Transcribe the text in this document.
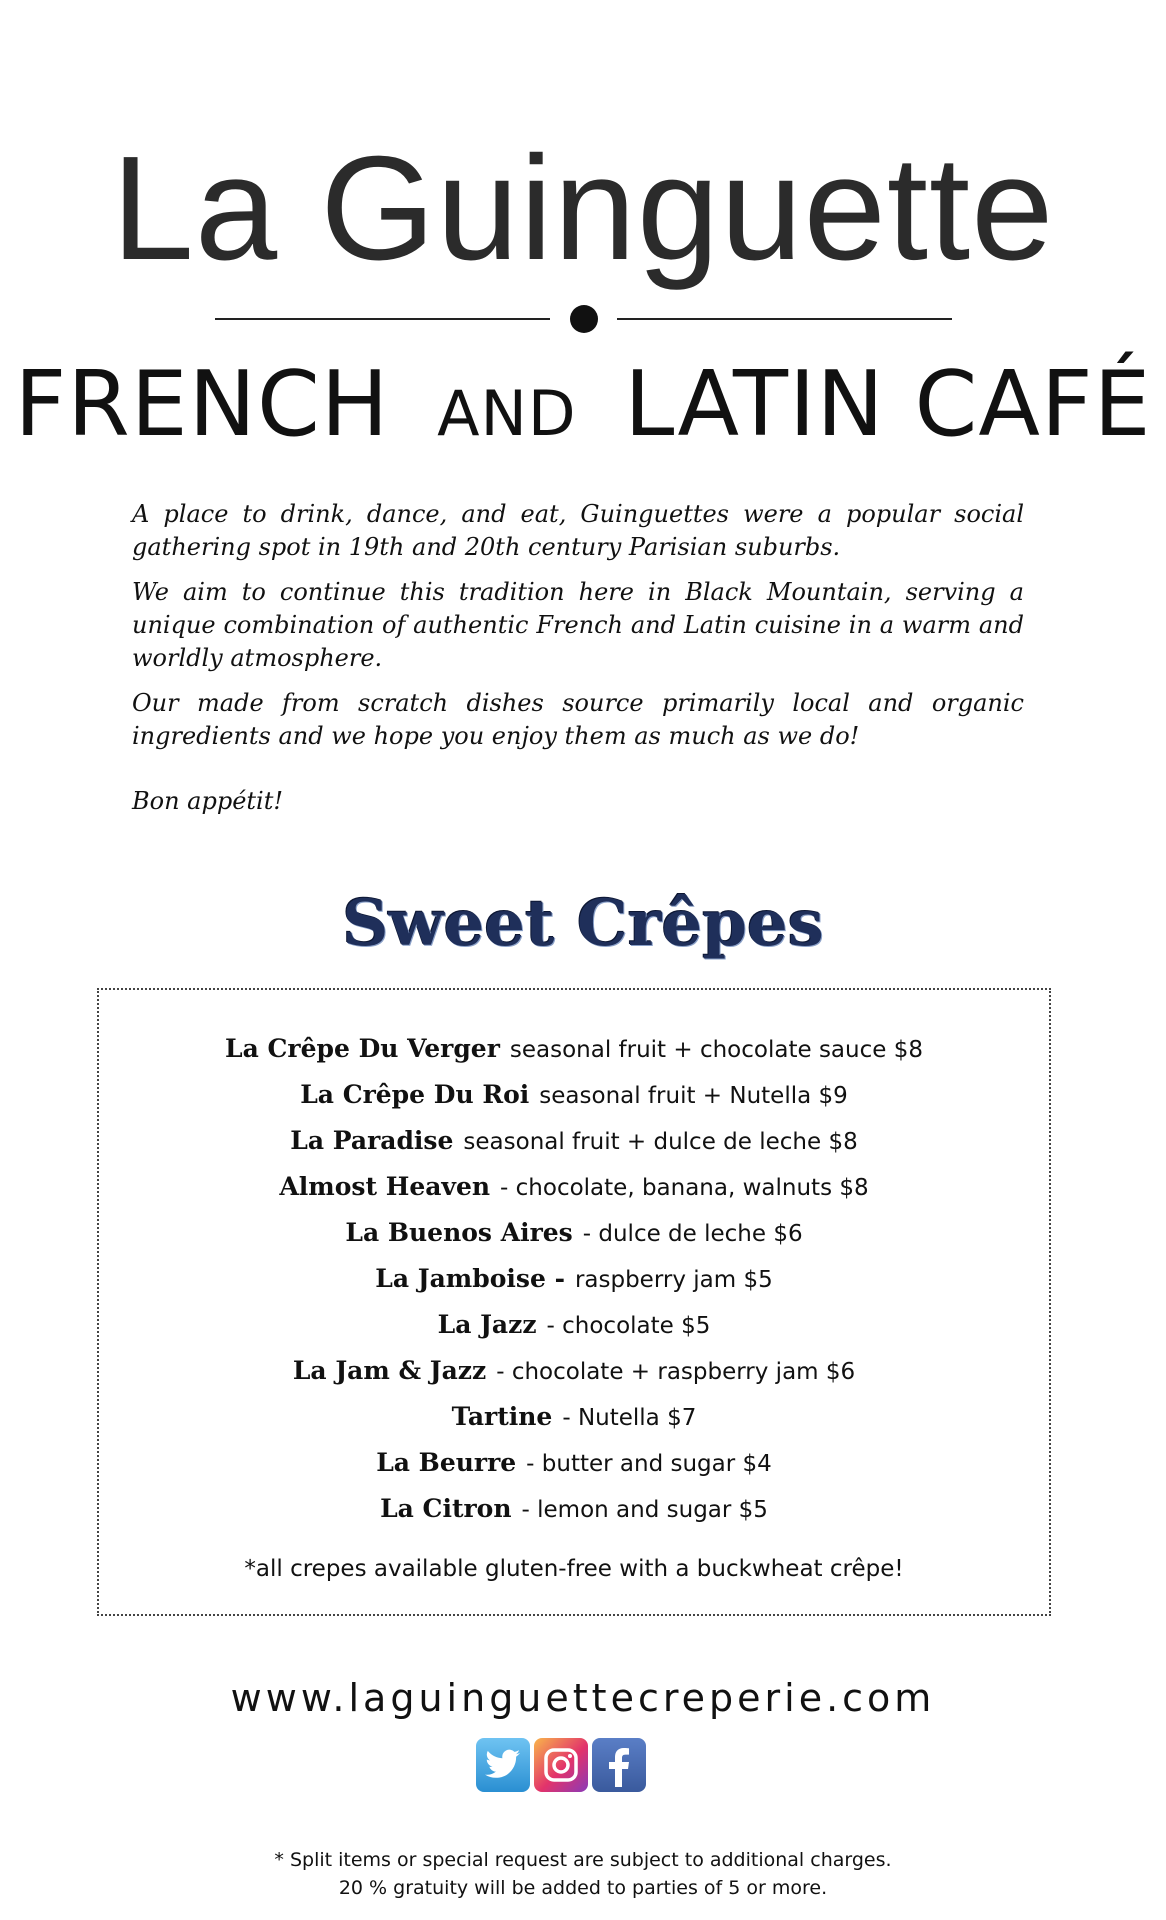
La Guinguette
FRENCH AND LATIN CAFÉ

A place to drink, dance, and eat, Guinguettes were a popular social gathering spot in 19th and 20th century Parisian suburbs.

We aim to continue this tradition here in Black Mountain, serving a unique combination of authentic French and Latin cuisine in a warm and worldly atmosphere.

Our made from scratch dishes source primarily local and organic ingredients and we hope you enjoy them as much as we do!

Bon appétit!

Sweet Crêpes
La Crêpe Du Verger seasonal fruit + chocolate sauce $8
La Crêpe Du Roi seasonal fruit + Nutella $9
La Paradise seasonal fruit + dulce de leche $8
Almost Heaven - chocolate, banana, walnuts $8
La Buenos Aires - dulce de leche $6
La Jamboise - raspberry jam $5
La Jazz - chocolate $5
La Jam & Jazz - chocolate + raspberry jam $6
Tartine - Nutella $7
La Beurre - butter and sugar $4
La Citron - lemon and sugar $5
*all crepes available gluten-free with a buckwheat crêpe!
www.laguinguettecreperie.com
* Split items or special request are subject to additional charges.
20 % gratuity will be added to parties of 5 or more.
